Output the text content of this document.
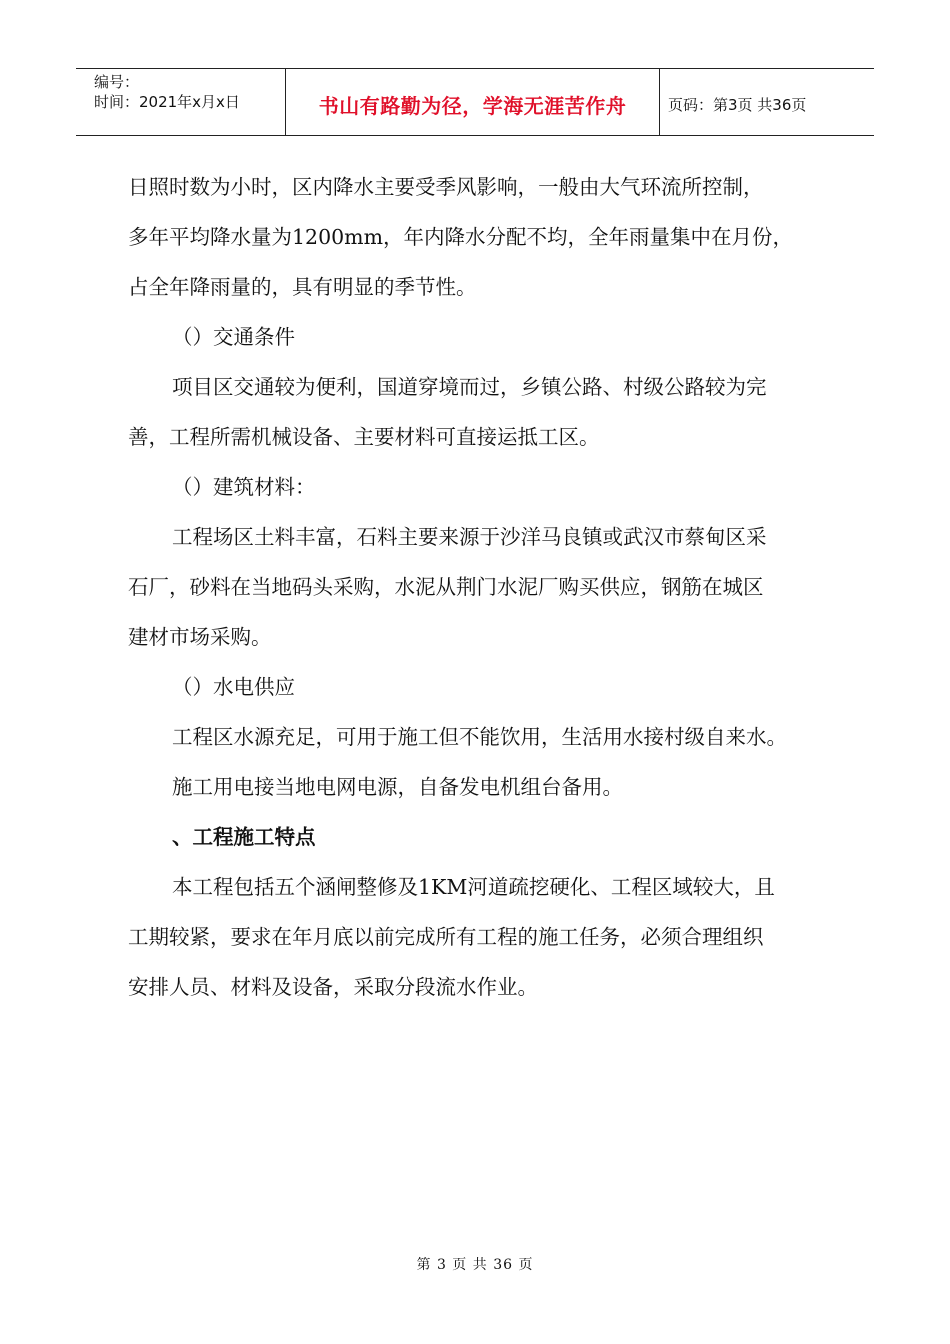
编号：
时间：2021年x月x日	书山有路勤为径，学海无涯苦作舟	页码：第3页 共36页
日照时数为小时，区内降水主要受季风影响，一般由大气环流所控制，
多年平均降水量为1200mm，年内降水分配不均，全年雨量集中在月份，
占全年降雨量的，具有明显的季节性。
（）交通条件
项目区交通较为便利，国道穿境而过，乡镇公路、村级公路较为完
善，工程所需机械设备、主要材料可直接运抵工区。
（）建筑材料：
工程场区土料丰富，石料主要来源于沙洋马良镇或武汉市蔡甸区采
石厂，砂料在当地码头采购，水泥从荆门水泥厂购买供应，钢筋在城区
建材市场采购。
（）水电供应
工程区水源充足，可用于施工但不能饮用，生活用水接村级自来水。
施工用电接当地电网电源，自备发电机组台备用。
、工程施工特点
本工程包括五个涵闸整修及1KM河道疏挖硬化、工程区域较大，且
工期较紧，要求在年月底以前完成所有工程的施工任务，必须合理组织
安排人员、材料及设备，采取分段流水作业。
第 3 页 共 36 页
